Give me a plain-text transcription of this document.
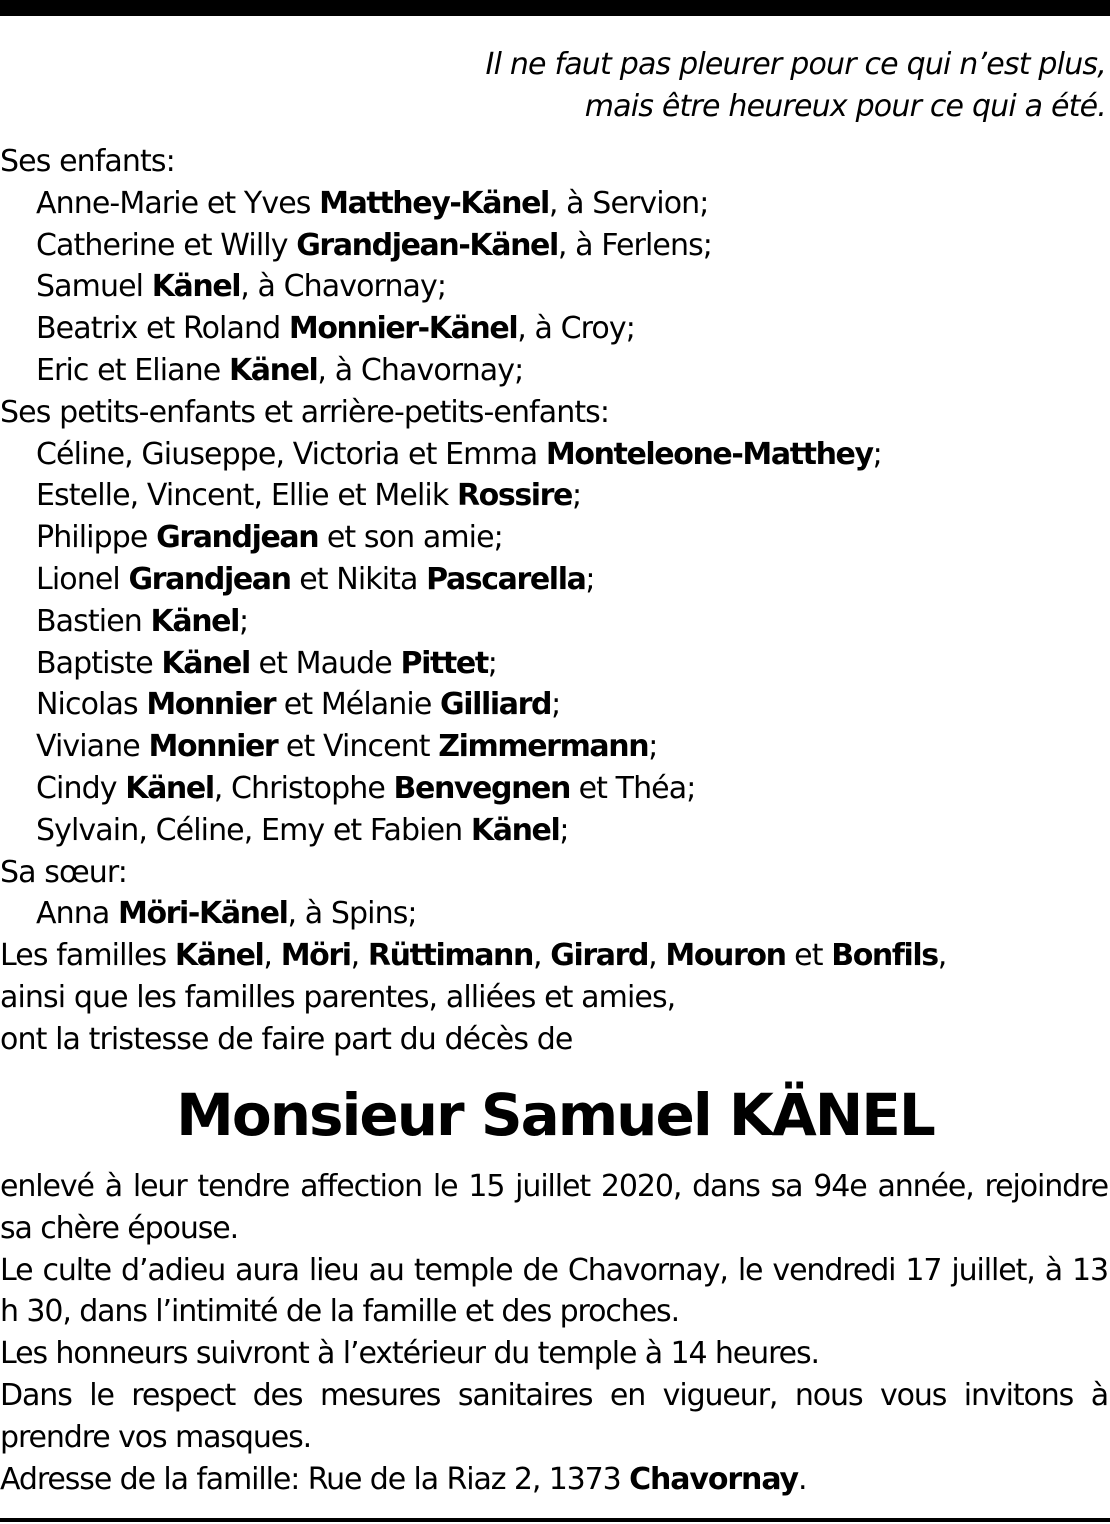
Il ne faut pas pleurer pour ce qui n’est plus,
mais être heureux pour ce qui a été.
Ses enfants:
Anne-Marie et Yves Matthey-Känel, à Servion;
Catherine et Willy Grandjean-Känel, à Ferlens;
Samuel Känel, à Chavornay;
Beatrix et Roland Monnier-Känel, à Croy;
Eric et Eliane Känel, à Chavornay;
Ses petits-enfants et arrière-petits-enfants:
Céline, Giuseppe, Victoria et Emma Monteleone-Matthey;
Estelle, Vincent, Ellie et Melik Rossire;
Philippe Grandjean et son amie;
Lionel Grandjean et Nikita Pascarella;
Bastien Känel;
Baptiste Känel et Maude Pittet;
Nicolas Monnier et Mélanie Gilliard;
Viviane Monnier et Vincent Zimmermann;
Cindy Känel, Christophe Benvegnen et Théa;
Sylvain, Céline, Emy et Fabien Känel;
Sa sœur:
Anna Möri-Känel, à Spins;
Les familles Känel, Möri, Rüttimann, Girard, Mouron et Bonfils,
ainsi que les familles parentes, alliées et amies,
ont la tristesse de faire part du décès de
Monsieur Samuel KÄNEL
enlevé à leur tendre affection le 15 juillet 2020, dans sa 94e année, rejoindre sa chère épouse.
Le culte d’adieu aura lieu au temple de Chavornay, le vendredi 17 juillet, à 13 h 30, dans l’intimité de la famille et des proches.
Les honneurs suivront à l’extérieur du temple à 14 heures.
Dans le respect des mesures sanitaires en vigueur, nous vous invitons à prendre vos masques.
Adresse de la famille: Rue de la Riaz 2, 1373 Chavornay.
